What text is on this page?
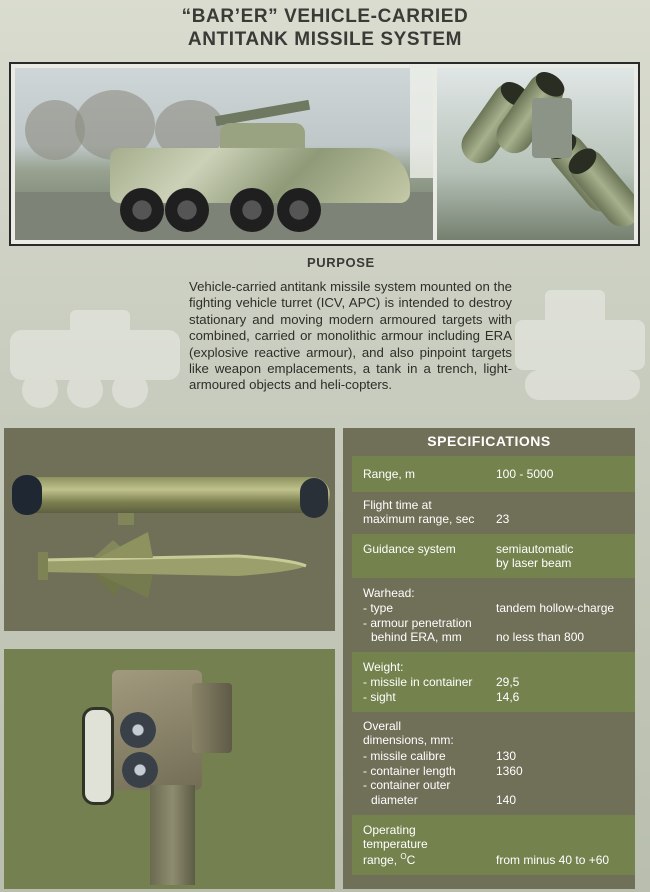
“BAR’ER” VEHICLE-CARRIED
ANTITANK MISSILE SYSTEM
PURPOSE
Vehicle-carried antitank missile system mounted on the fighting vehicle turret (ICV, APC) is intended to destroy stationary and moving modern armoured targets with combined, carried or monolithic armour including ERA (explosive reactive armour), and also pinpoint targets like weapon emplacements, a tank in a trench, light-armoured objects and heli-copters.
SPECIFICATIONS
Range, m	100 - 5000
Flight time at
maximum range, sec 23
Guidance system	semiautomatic
by laser beam
Warhead:
- type	tandem hollow-charge
- armour penetration
behind ERA, mm	no less than 800
Weight:
- missile in container 29,5
- sight	14,6
Overall
dimensions, mm:
- missile calibre	130
- container length	1360
- container outer
diameter	140
Operating
temperature
range, $^O$C	from minus 40 to +60
